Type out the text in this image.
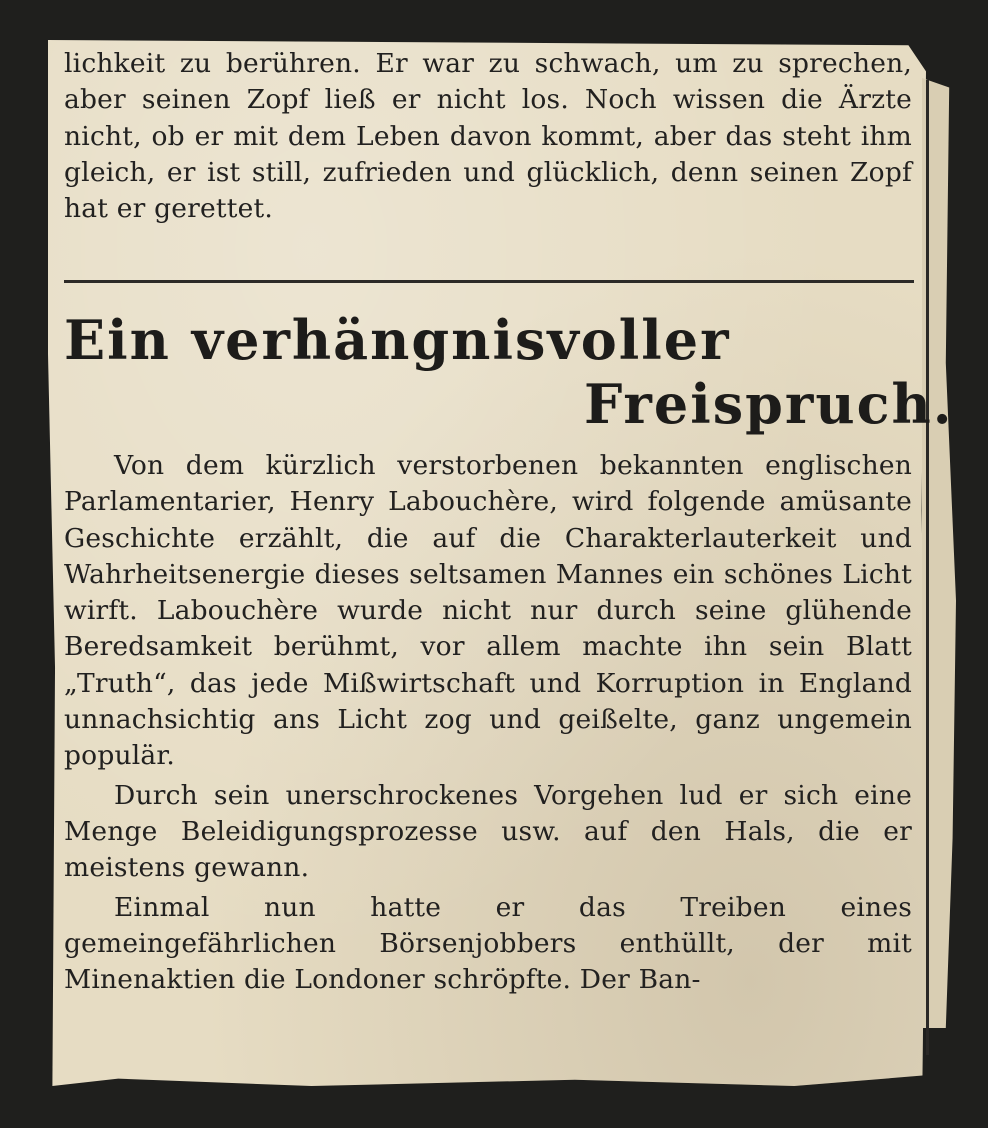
lichkeit zu berühren. Er war zu schwach, um zu sprechen, aber seinen Zopf ließ er nicht los. Noch wissen die Ärzte nicht, ob er mit dem Leben davon kommt, aber das steht ihm gleich, er ist still, zufrieden und glücklich, denn seinen Zopf hat er gerettet.
Ein verhängnisvoller
Freispruch.

Von dem kürzlich verstorbenen bekannten englischen Parlamentarier, Henry Labouchère, wird folgende amüsante Geschichte erzählt, die auf die Charakterlauterkeit und Wahrheitsenergie dieses seltsamen Mannes ein schönes Licht wirft. Labouchère wurde nicht nur durch seine glühende Beredsamkeit berühmt, vor allem machte ihn sein Blatt „Truth“, das jede Mißwirtschaft und Korruption in England unnachsichtig ans Licht zog und geißelte, ganz ungemein populär.

Durch sein unerschrockenes Vorgehen lud er sich eine Menge Beleidigungsprozesse usw. auf den Hals, die er meistens gewann.

Einmal nun hatte er das Treiben eines gemeingefährlichen Börsenjobbers enthüllt, der mit Minenaktien die Londoner schröpfte. Der Ban-
